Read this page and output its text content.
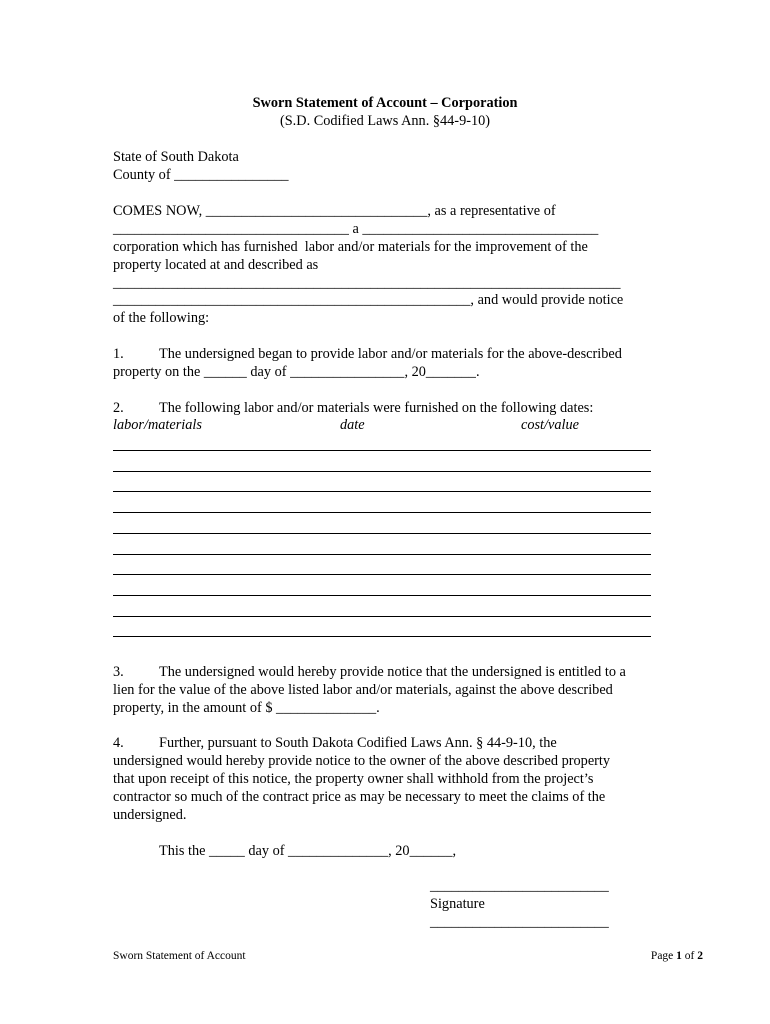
Sworn Statement of Account – Corporation
(S.D. Codified Laws Ann. §44-9-10)
State of South Dakota
County of ________________
COMES NOW, _______________________________, as a representative of
_________________________________ a _________________________________
corporation which has furnished  labor and/or materials for the improvement of the
property located at and described as
_______________________________________________________________________
__________________________________________________, and would provide notice
of the following:
1. The undersigned began to provide labor and/or materials for the above-described
property on the ______ day of ________________, 20_______.
2. The following labor and/or materials were furnished on the following dates:
labor/materials	date	cost/value
3. The undersigned would hereby provide notice that the undersigned is entitled to a
lien for the value of the above listed labor and/or materials, against the above described
property, in the amount of $ ______________.
4. Further, pursuant to South Dakota Codified Laws Ann. § 44-9-10, the
undersigned would hereby provide notice to the owner of the above described property
that upon receipt of this notice, the property owner shall withhold from the project’s
contractor so much of the contract price as may be necessary to meet the claims of the
undersigned.
This the _____ day of ______________, 20______,
_________________________
Signature
_________________________
Sworn Statement of Account	Page 1 of 2
